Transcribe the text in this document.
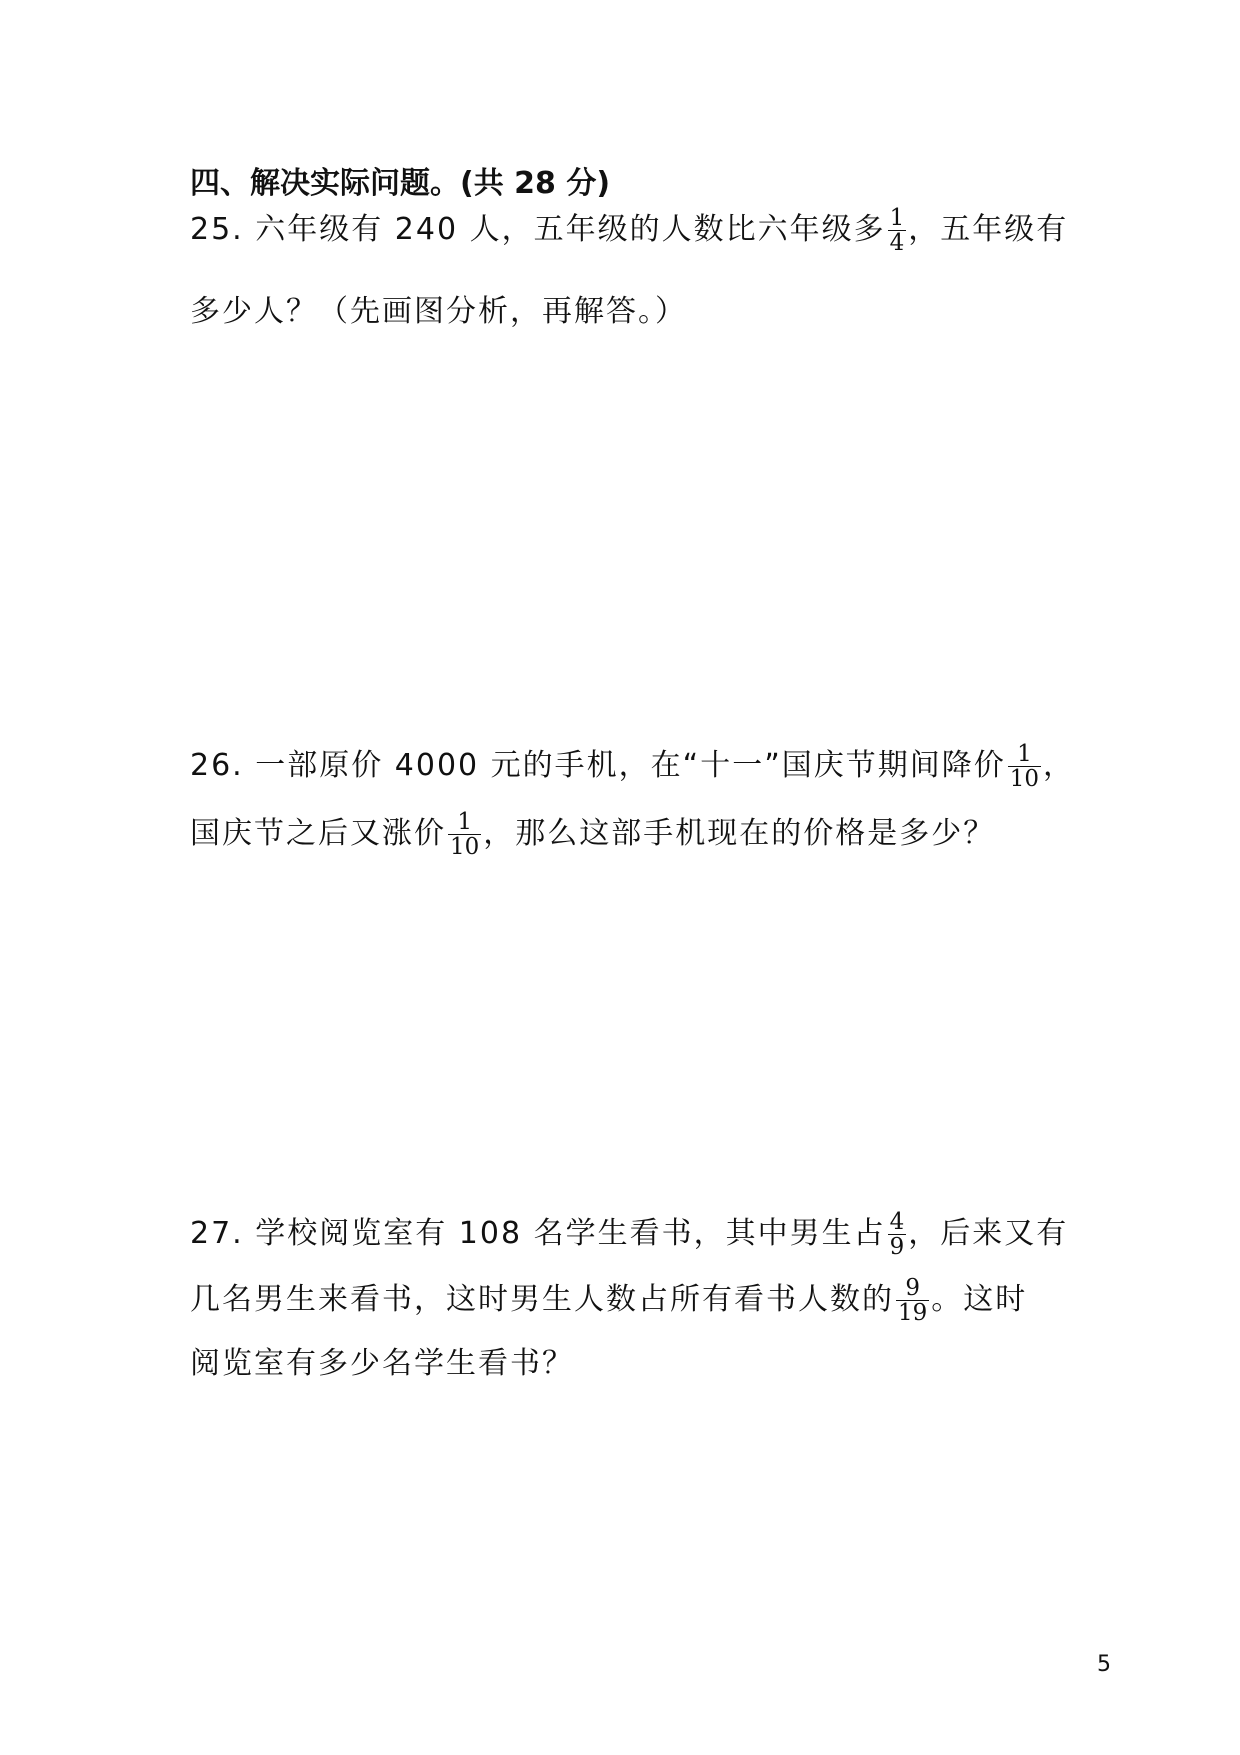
四、解决实际问题。(共 28 分)
25. 六年级有 240 人，五年级的人数比六年级多 $\frac{1}{4}$ ，五年级有
多少人？（先画图分析，再解答。）
26. 一部原价 4000 元的手机，在“十一”国庆节期间降价 $\frac{1}{10}$ ，
国庆节之后又涨价 $\frac{1}{10}$ ，那么这部手机现在的价格是多少？
27. 学校阅览室有 108 名学生看书，其中男生占 $\frac{4}{9}$ ，后来又有
几名男生来看书，这时男生人数占所有看书人数的 $\frac{9}{19}$ 。这时
阅览室有多少名学生看书？
5
